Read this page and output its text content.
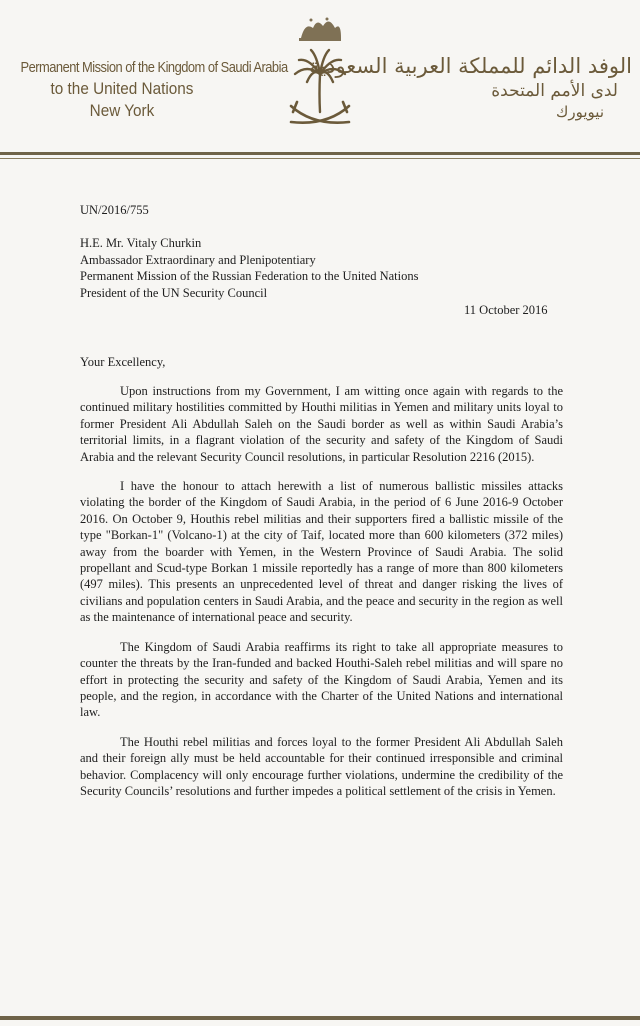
Permanent Mission of the Kingdom of Saudi Arabia
to the United Nations
New York
الوفد الدائم للمملكة العربية السعودية
لدى الأمم المتحدة
نيويورك
UN/2016/755
H.E. Mr. Vitaly Churkin
Ambassador Extraordinary and Plenipotentiary
Permanent Mission of the Russian Federation to the United Nations
President of the UN Security Council
11 October 2016
Your Excellency,

Upon instructions from my Government, I am witting once again with regards to the continued military hostilities committed by Houthi militias in Yemen and military units loyal to former President Ali Abdullah Saleh on the Saudi border as well as within Saudi Arabia’s territorial limits, in a flagrant violation of the security and safety of the Kingdom of Saudi Arabia and the relevant Security Council resolutions, in particular Resolution 2216 (2015).

I have the honour to attach herewith a list of numerous ballistic missiles attacks violating the border of the Kingdom of Saudi Arabia, in the period of 6 June 2016-9 October 2016. On October 9, Houthis rebel militias and their supporters fired a ballistic missile of the type "Borkan-1" (Volcano-1) at the city of Taif, located more than 600 kilometers (372 miles) away from the boarder with Yemen, in the Western Province of Saudi Arabia. The solid propellant and Scud-type Borkan 1 missile reportedly has a range of more than 800 kilometers (497 miles). This presents an unprecedented level of threat and danger risking the lives of civilians and population centers in Saudi Arabia, and the peace and security in the region as well as the maintenance of international peace and security.

The Kingdom of Saudi Arabia reaffirms its right to take all appropriate measures to counter the threats by the Iran-funded and backed Houthi-Saleh rebel militias and will spare no effort in protecting the security and safety of the Kingdom of Saudi Arabia, Yemen and its people, and the region, in accordance with the Charter of the United Nations and international law.

The Houthi rebel militias and forces loyal to the former President Ali Abdullah Saleh and their foreign ally must be held accountable for their continued irresponsible and criminal behavior. Complacency will only encourage further violations, undermine the credibility of the Security Councils’ resolutions and further impedes a political settlement of the crisis in Yemen.
